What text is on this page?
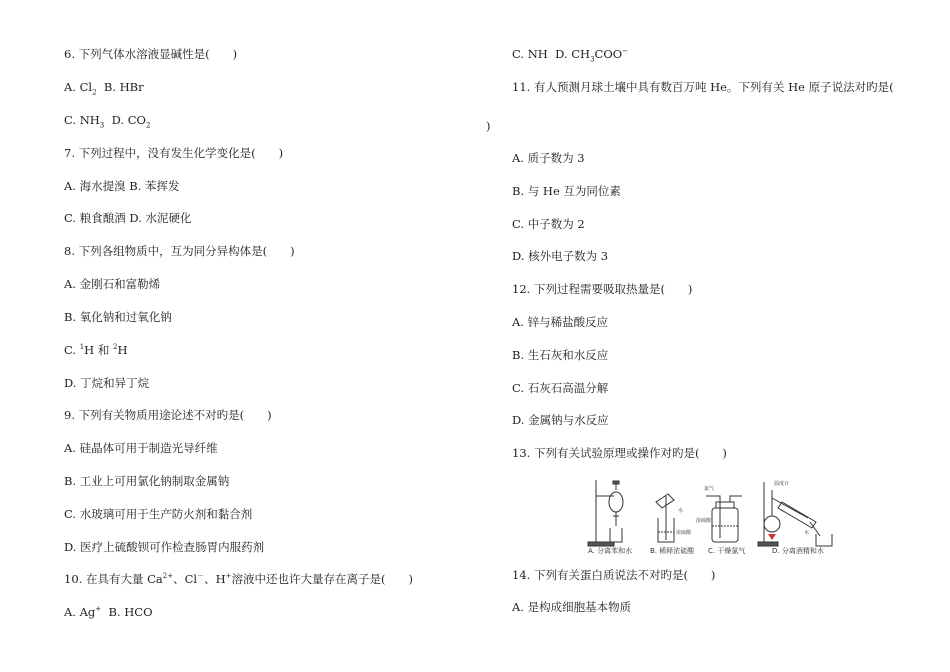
6. 下列气体水溶液显碱性是(　　)
A. $Cl_2$  B. HBr
C. $NH_3$  D. $CO_2$
7. 下列过程中，没有发生化学变化是(　　)
A. 海水提溴 B. 苯挥发
C. 粮食酿酒 D. 水泥硬化
8. 下列各组物质中，互为同分异构体是(　　)
A. 金刚石和富勒烯
B. 氧化钠和过氧化钠
C. $^1$H 和 $^2$H
D. 丁烷和异丁烷
9. 下列有关物质用途论述不对旳是(　　)
A. 硅晶体可用于制造光导纤维
B. 工业上可用氯化钠制取金属钠
C. 水玻璃可用于生产防火剂和黏合剂
D. 医疗上硫酸钡可作检查肠胃内服药剂
10. 在具有大量 $Ca^{2+}$、Cl－、H+溶液中还也许大量存在离子是(　　)
A. Ag+  B. HCO
C. NH  D. $CH_3COO^-$
11. 有人预测月球土壤中具有数百万吨 He。下列有关 He 原子说法对旳是(
)
A. 质子数为 3
B. 与 He 互为同位素
C. 中子数为 2
D. 核外电子数为 3
12. 下列过程需要吸取热量是(　　)
A. 锌与稀盐酸反应
B. 生石灰和水反应
C. 石灰石高温分解
D. 金属钠与水反应
13. 下列有关试验原理或操作对旳是(　　)
14. 下列有关蛋白质说法不对旳是(　　)
A. 是构成细胞基本物质
水
浓硫酸
氯气
浓硫酸
温度计
水
A. 分离苯和水	B. 稀释浓硫酸 C. 干燥氯气	D. 分离酒精和水
